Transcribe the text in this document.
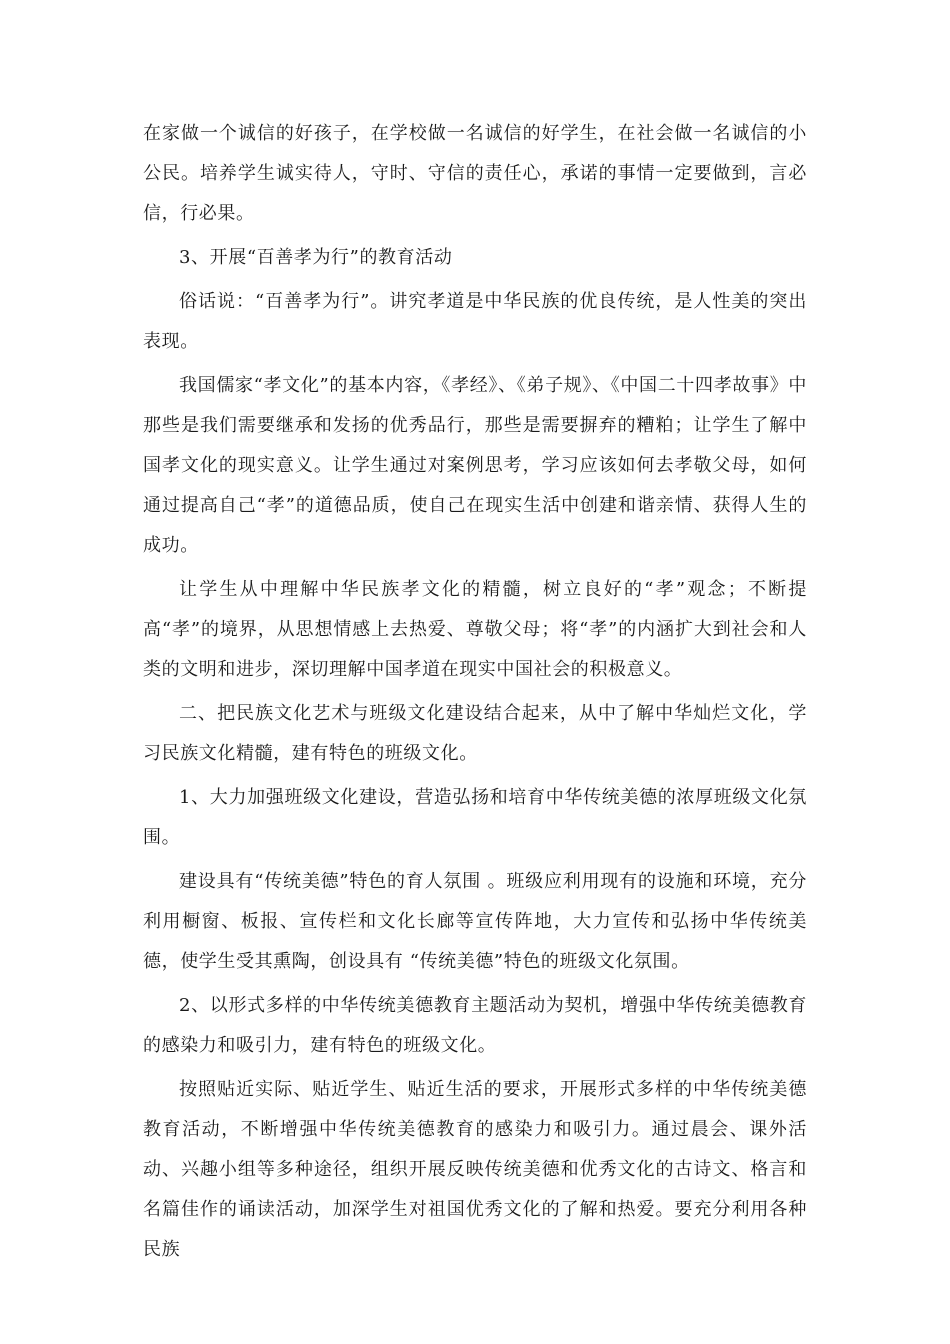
在家做一个诚信的好孩子，在学校做一名诚信的好学生，在社会做一名诚信的小公民。培养学生诚实待人，守时、守信的责任心，承诺的事情一定要做到，言必信，行必果。

3、开展“百善孝为行”的教育活动

俗话说：“百善孝为行”。讲究孝道是中华民族的优良传统，是人性美的突出表现。

我国儒家“孝文化”的基本内容，《孝经》、《弟子规》、《中国二十四孝故事》中那些是我们需要继承和发扬的优秀品行，那些是需要摒弃的糟粕；让学生了解中国孝文化的现实意义。让学生通过对案例思考，学习应该如何去孝敬父母，如何通过提高自己“孝”的道德品质，使自己在现实生活中创建和谐亲情、获得人生的成功。

让学生从中理解中华民族孝文化的精髓，树立良好的“孝”观念；不断提高“孝”的境界，从思想情感上去热爱、尊敬父母；将“孝”的内涵扩大到社会和人类的文明和进步，深切理解中国孝道在现实中国社会的积极意义。

二、把民族文化艺术与班级文化建设结合起来，从中了解中华灿烂文化，学习民族文化精髓，建有特色的班级文化。

1、大力加强班级文化建设，营造弘扬和培育中华传统美德的浓厚班级文化氛围。

建设具有“传统美德”特色的育人氛围 。班级应利用现有的设施和环境，充分利用橱窗、板报、宣传栏和文化长廊等宣传阵地，大力宣传和弘扬中华传统美德，使学生受其熏陶，创设具有 “传统美德”特色的班级文化氛围。

2、以形式多样的中华传统美德教育主题活动为契机，增强中华传统美德教育的感染力和吸引力，建有特色的班级文化。

按照贴近实际、贴近学生、贴近生活的要求，开展形式多样的中华传统美德教育活动，不断增强中华传统美德教育的感染力和吸引力。通过晨会、课外活动、兴趣小组等多种途径，组织开展反映传统美德和优秀文化的古诗文、格言和名篇佳作的诵读活动，加深学生对祖国优秀文化的了解和热爱。要充分利用各种民族
